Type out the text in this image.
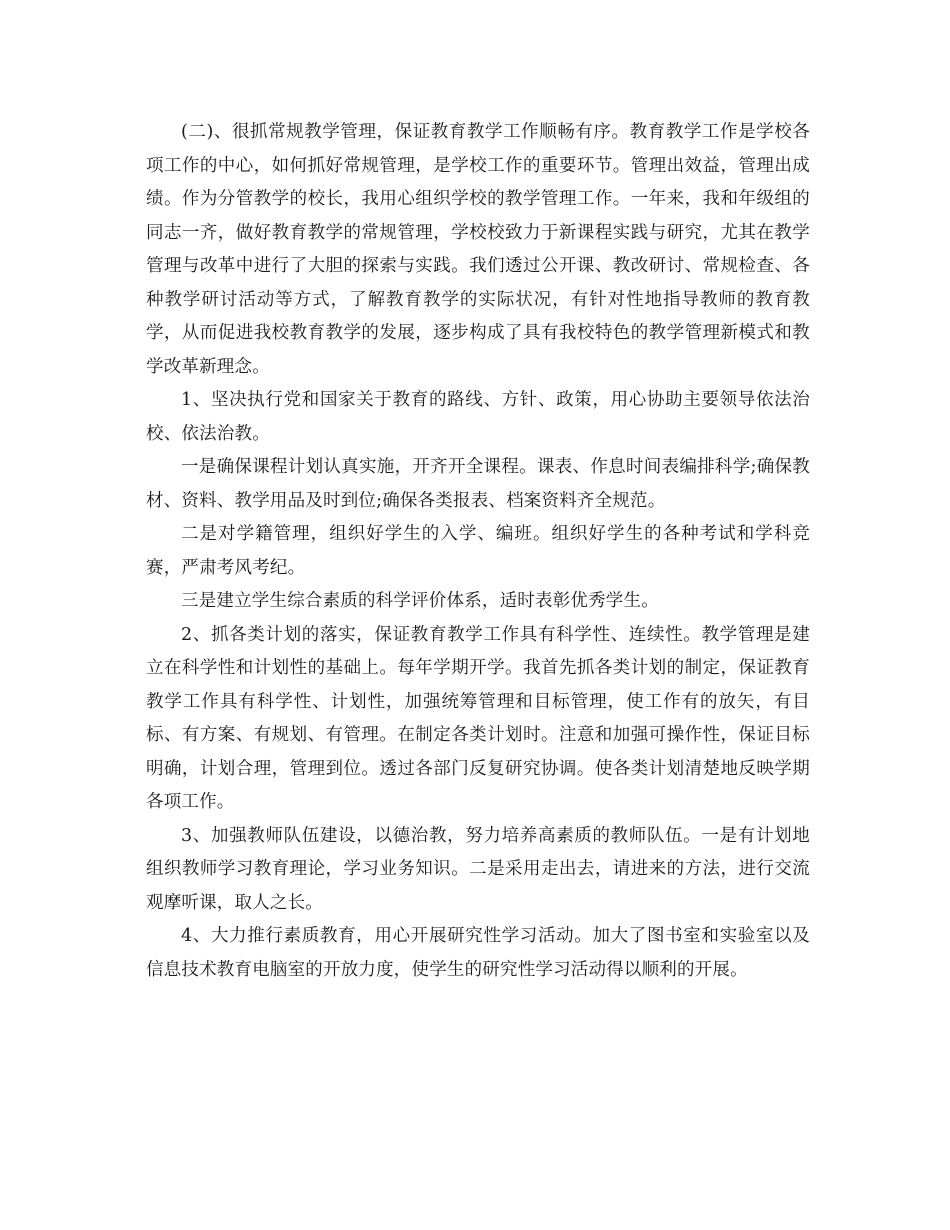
(二)、很抓常规教学管理，保证教育教学工作顺畅有序。教育教学工作是学校各项工作的中心，如何抓好常规管理，是学校工作的重要环节。管理出效益，管理出成绩。作为分管教学的校长，我用心组织学校的教学管理工作。一年来，我和年级组的同志一齐，做好教育教学的常规管理，学校校致力于新课程实践与研究，尤其在教学管理与改革中进行了大胆的探索与实践。我们透过公开课、教改研讨、常规检查、各种教学研讨活动等方式，了解教育教学的实际状况，有针对性地指导教师的教育教学，从而促进我校教育教学的发展，逐步构成了具有我校特色的教学管理新模式和教学改革新理念。

1、坚决执行党和国家关于教育的路线、方针、政策，用心协助主要领导依法治校、依法治教。

一是确保课程计划认真实施，开齐开全课程。课表、作息时间表编排科学;确保教材、资料、教学用品及时到位;确保各类报表、档案资料齐全规范。

二是对学籍管理，组织好学生的入学、编班。组织好学生的各种考试和学科竞赛，严肃考风考纪。

三是建立学生综合素质的科学评价体系，适时表彰优秀学生。

2、抓各类计划的落实，保证教育教学工作具有科学性、连续性。教学管理是建立在科学性和计划性的基础上。每年学期开学。我首先抓各类计划的制定，保证教育教学工作具有科学性、计划性，加强统筹管理和目标管理，使工作有的放矢，有目标、有方案、有规划、有管理。在制定各类计划时。注意和加强可操作性，保证目标明确，计划合理，管理到位。透过各部门反复研究协调。使各类计划清楚地反映学期各项工作。

3、加强教师队伍建设，以德治教，努力培养高素质的教师队伍。一是有计划地组织教师学习教育理论，学习业务知识。二是采用走出去，请进来的方法，进行交流观摩听课，取人之长。

4、大力推行素质教育，用心开展研究性学习活动。加大了图书室和实验室以及信息技术教育电脑室的开放力度，使学生的研究性学习活动得以顺利的开展。
